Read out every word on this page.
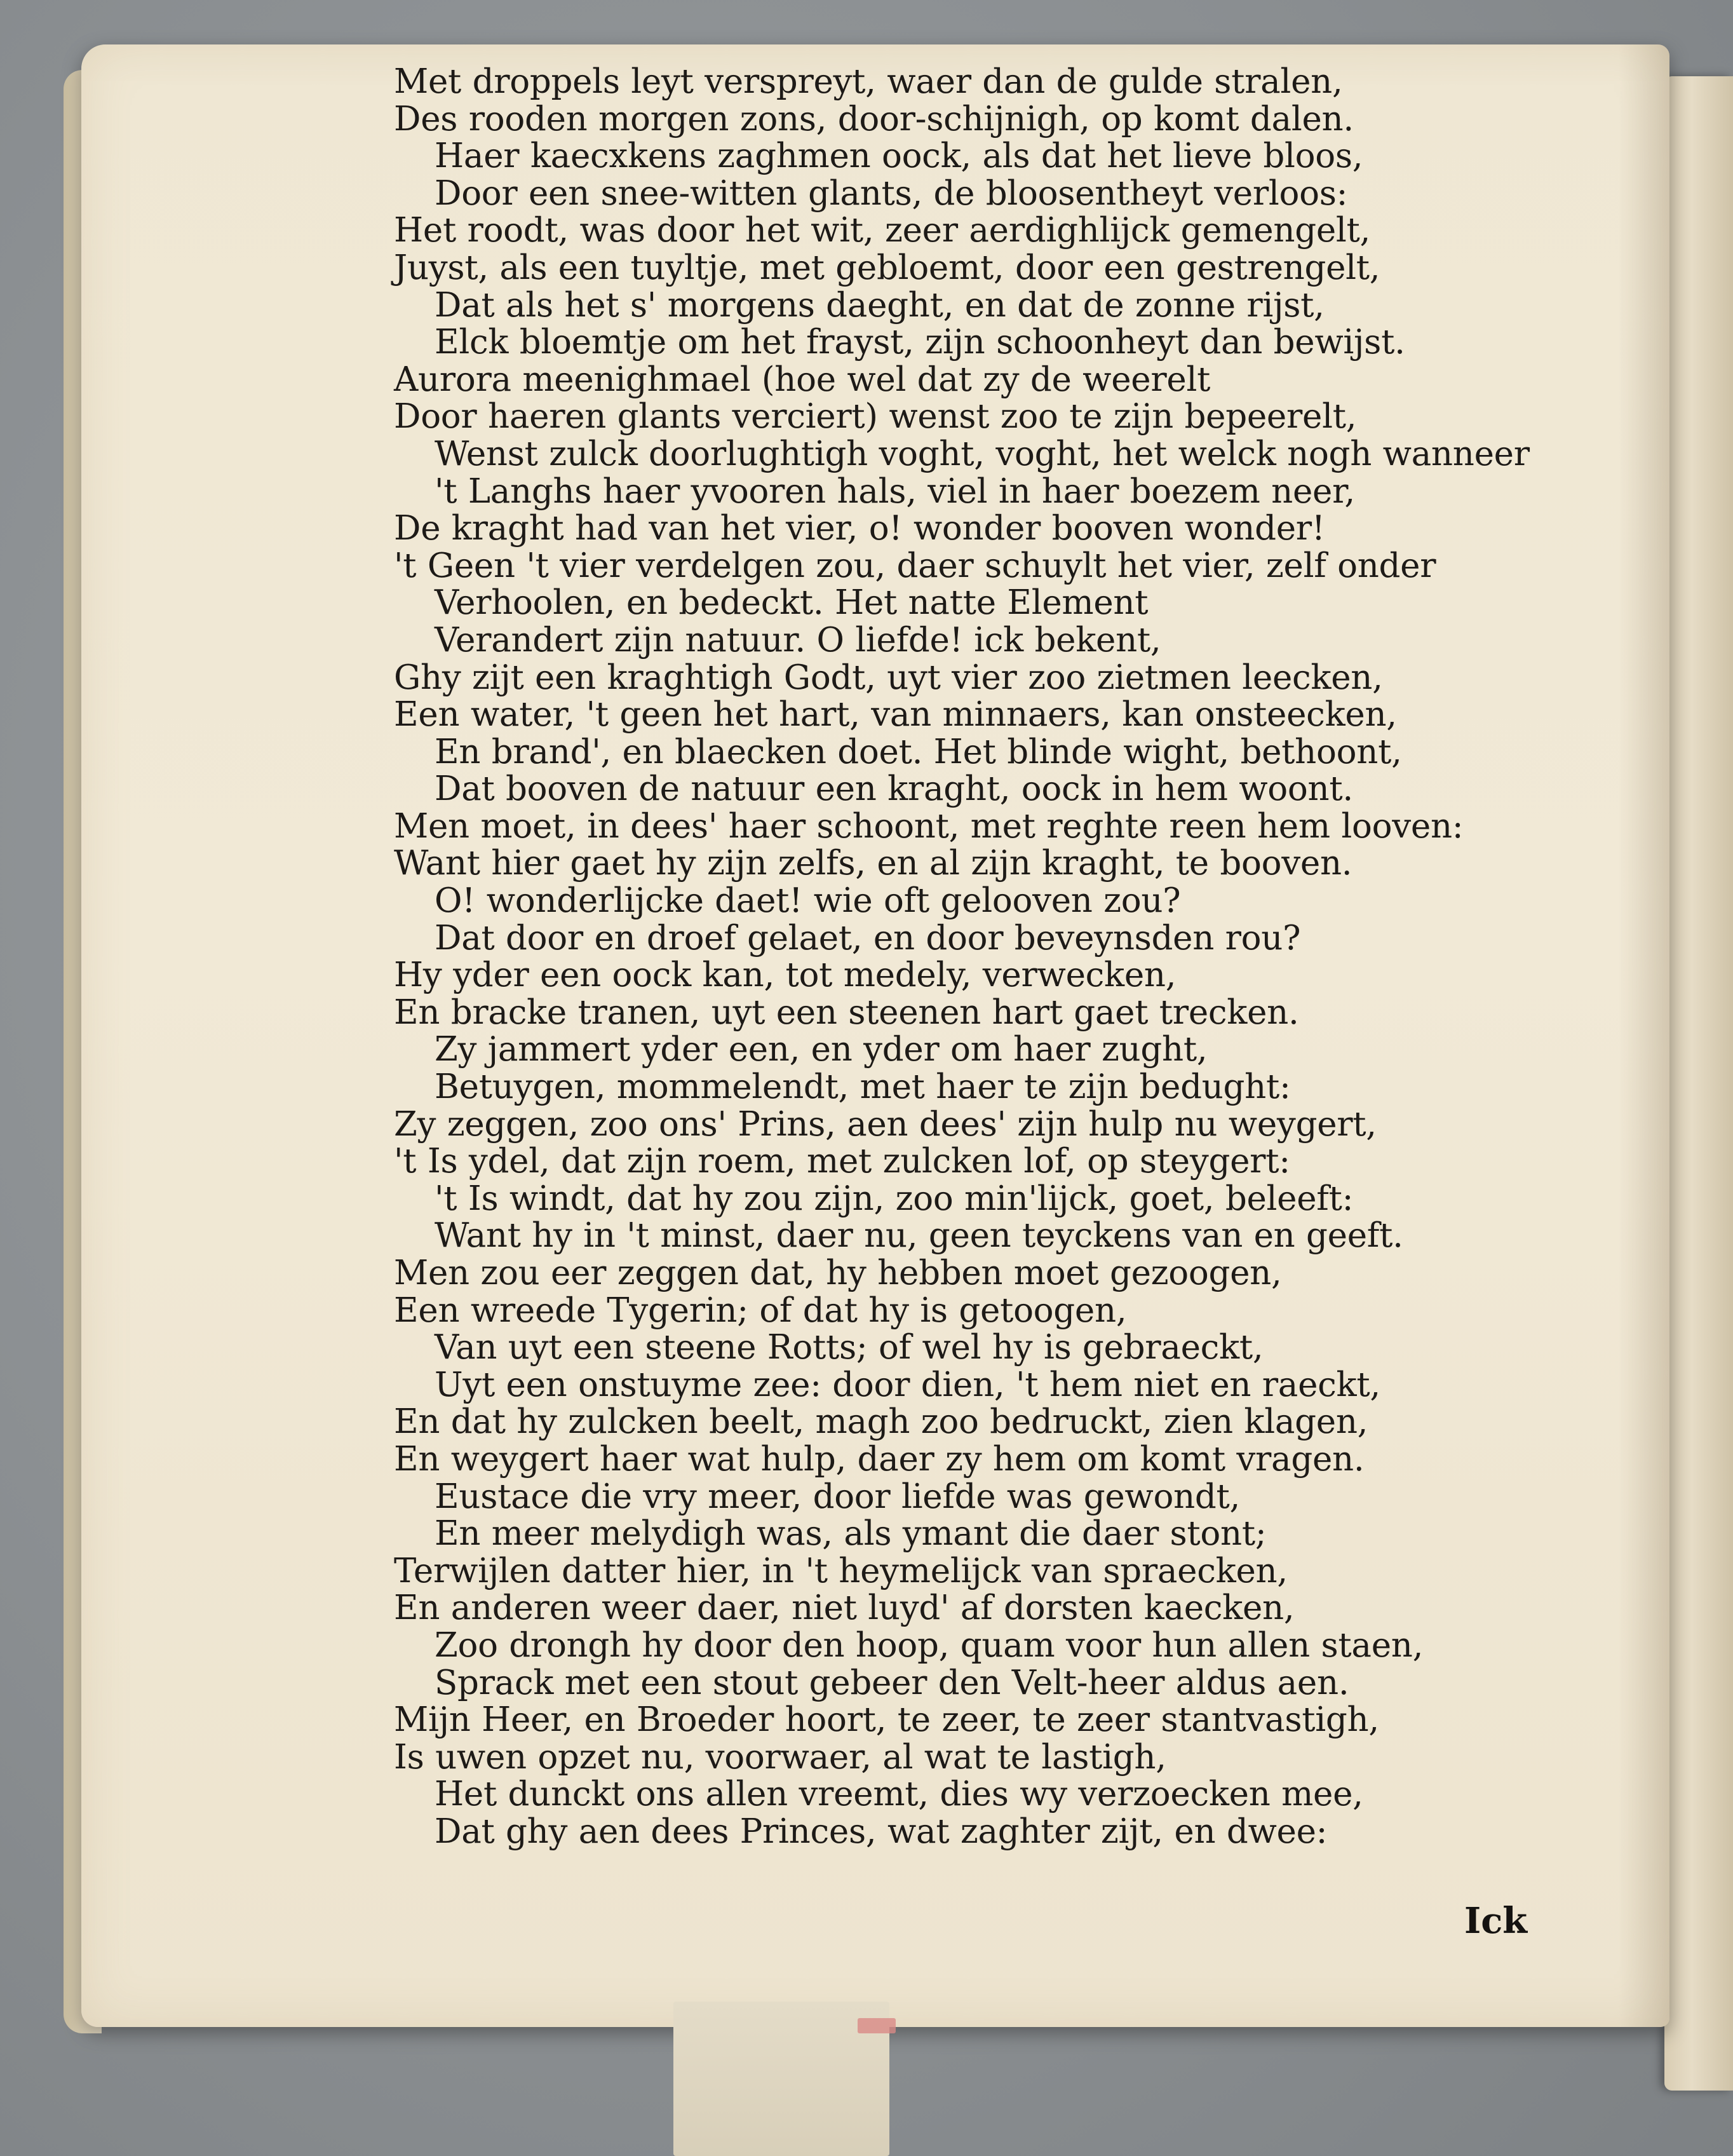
Met droppels leyt verspreyt, waer dan de gulde stralen,
Des rooden morgen zons, door-schijnigh, op komt dalen.
Haer kaecxkens zaghmen oock, als dat het lieve bloos,
Door een snee-witten glants, de bloosentheyt verloos:
Het roodt, was door het wit, zeer aerdighlijck gemengelt,
Juyst, als een tuyltje, met gebloemt, door een gestrengelt,
Dat als het s' morgens daeght, en dat de zonne rijst,
Elck bloemtje om het frayst, zijn schoonheyt dan bewijst.
Aurora meenighmael (hoe wel dat zy de weerelt
Door haeren glants verciert) wenst zoo te zijn bepeerelt,
Wenst zulck doorlughtigh voght, voght, het welck nogh wanneer
't Langhs haer yvooren hals, viel in haer boezem neer,
De kraght had van het vier, o! wonder booven wonder!
't Geen 't vier verdelgen zou, daer schuylt het vier, zelf onder
Verhoolen, en bedeckt. Het natte Element
Verandert zijn natuur. O liefde! ick bekent,
Ghy zijt een kraghtigh Godt, uyt vier zoo zietmen leecken,
Een water, 't geen het hart, van minnaers, kan onsteecken,
En brand', en blaecken doet. Het blinde wight, bethoont,
Dat booven de natuur een kraght, oock in hem woont.
Men moet, in dees' haer schoont, met reghte reen hem looven:
Want hier gaet hy zijn zelfs, en al zijn kraght, te booven.
O! wonderlijcke daet! wie oft gelooven zou?
Dat door en droef gelaet, en door beveynsden rou?
Hy yder een oock kan, tot medely, verwecken,
En bracke tranen, uyt een steenen hart gaet trecken.
Zy jammert yder een, en yder om haer zught,
Betuygen, mommelendt, met haer te zijn bedught:
Zy zeggen, zoo ons' Prins, aen dees' zijn hulp nu weygert,
't Is ydel, dat zijn roem, met zulcken lof, op steygert:
't Is windt, dat hy zou zijn, zoo min'lijck, goet, beleeft:
Want hy in 't minst, daer nu, geen teyckens van en geeft.
Men zou eer zeggen dat, hy hebben moet gezoogen,
Een wreede Tygerin; of dat hy is getoogen,
Van uyt een steene Rotts; of wel hy is gebraeckt,
Uyt een onstuyme zee: door dien, 't hem niet en raeckt,
En dat hy zulcken beelt, magh zoo bedruckt, zien klagen,
En weygert haer wat hulp, daer zy hem om komt vragen.
Eustace die vry meer, door liefde was gewondt,
En meer melydigh was, als ymant die daer stont;
Terwijlen datter hier, in 't heymelijck van spraecken,
En anderen weer daer, niet luyd' af dorsten kaecken,
Zoo drongh hy door den hoop, quam voor hun allen staen,
Sprack met een stout gebeer den Velt-heer aldus aen.
Mijn Heer, en Broeder hoort, te zeer, te zeer stantvastigh,
Is uwen opzet nu, voorwaer, al wat te lastigh,
Het dunckt ons allen vreemt, dies wy verzoecken mee,
Dat ghy aen dees Princes, wat zaghter zijt, en dwee:
Ick
